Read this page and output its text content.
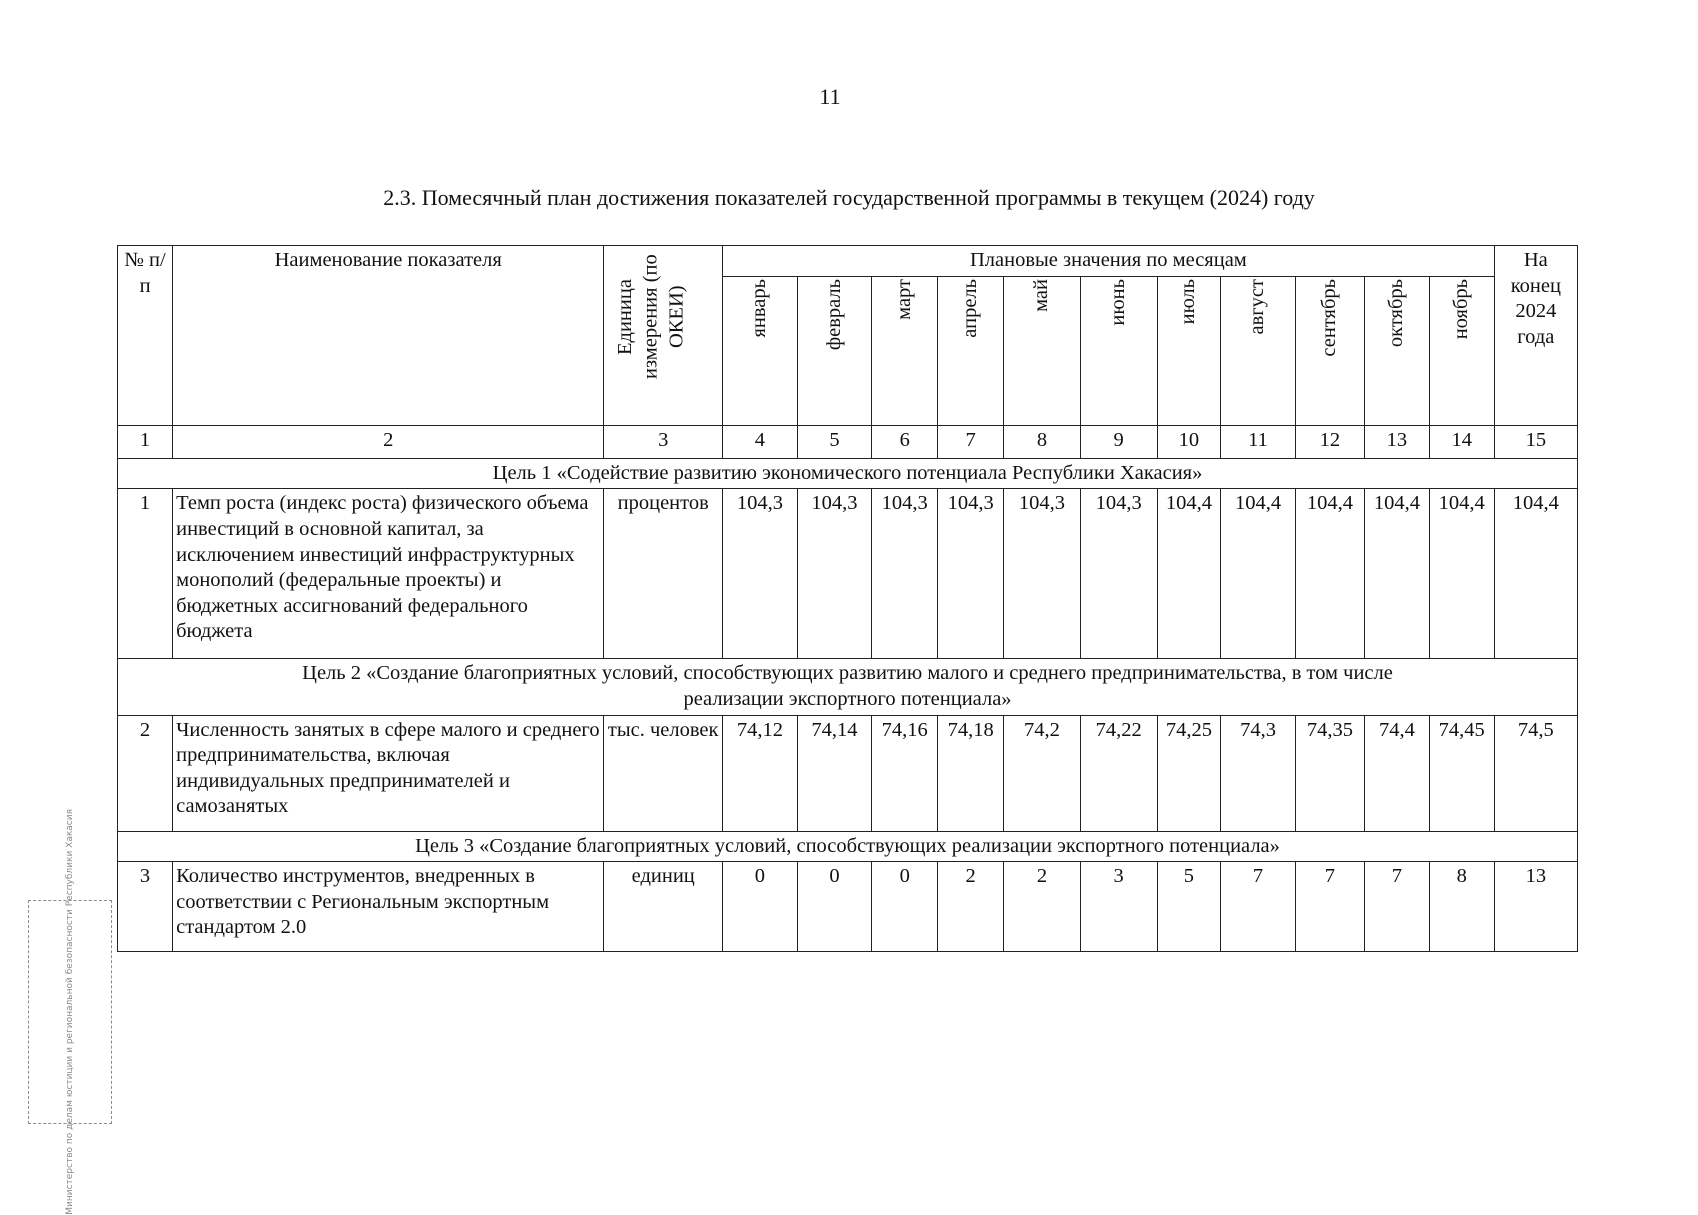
11
2.3. Помесячный план достижения показателей государственной программы в текущем (2024) году
№ п/п	Наименование показателя	Единица измерения (по ОКЕИ)	Плановые значения по месяцам											На конец 2024 года
			январь	февраль	март	апрель	май	июнь	июль	август	сентябрь	октябрь	ноябрь	
1	2	3	4	5	6	7	8	9	10	11	12	13	14	15
Цель 1 «Содействие развитию экономического потенциала Республики Хакасия»														
1	Темп роста (индекс роста) физического объема инвестиций в основной капитал, за исключением инвестиций инфраструктурных монополий (федеральные проекты) и бюджетных ассигнований федерального бюджета	процентов	104,3	104,3	104,3	104,3	104,3	104,3	104,4	104,4	104,4	104,4	104,4	104,4
Цель 2 «Создание благоприятных условий, способствующих развитию малого и среднего предпринимательства, в том числе реализации экспортного потенциала»														
2	Численность занятых в сфере малого и среднего предпринимательства, включая индивидуальных предпринимателей и самозанятых	тыс. человек	74,12	74,14	74,16	74,18	74,2	74,22	74,25	74,3	74,35	74,4	74,45	74,5
Цель 3 «Создание благоприятных условий, способствующих реализации экспортного потенциала»														
3	Количество инструментов, внедренных в соответствии с Региональным экспортным стандартом 2.0	единиц	0	0	0	2	2	3	5	7	7	7	8	13
Министерство по делам юстиции и региональной безопасности Республики Хакасия
